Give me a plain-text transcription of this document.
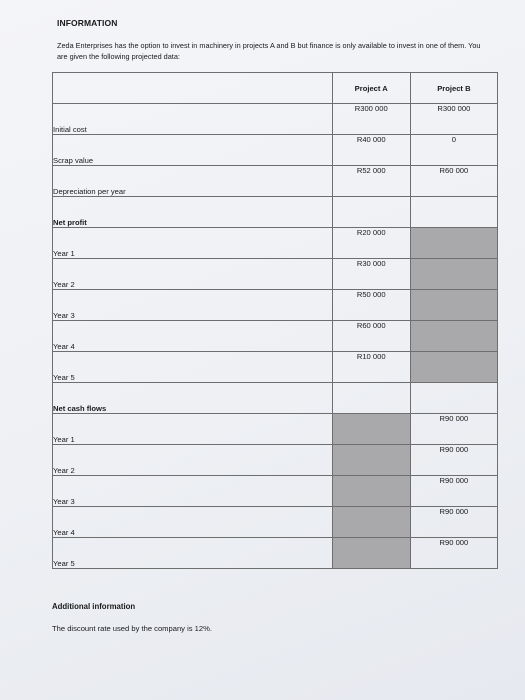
INFORMATION
Zeda Enterprises has the option to invest in machinery in projects A and B but finance is only available to invest in one of them. You are given the following projected data:
	Project A	Project B
Initial cost	R300 000	R300 000
Scrap value	R40 000	0
Depreciation per year	R52 000	R60 000
Net profit		
Year 1	R20 000	
Year 2	R30 000	
Year 3	R50 000	
Year 4	R60 000	
Year 5	R10 000	
Net cash flows		
Year 1		R90 000
Year 2		R90 000
Year 3		R90 000
Year 4		R90 000
Year 5		R90 000
Additional information
The discount rate used by the company is 12%.
